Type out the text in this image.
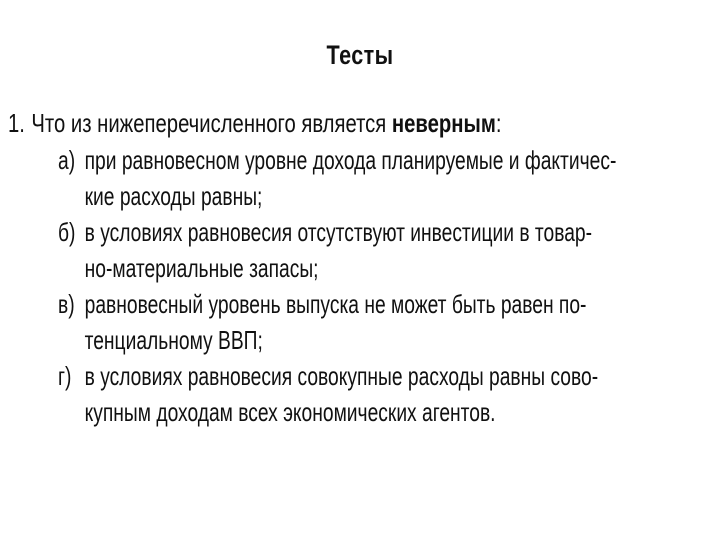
Тесты
1. Что из нижеперечисленного является неверным:
а) при равновесном уровне дохода планируемые и фактичес-
кие расходы равны;
б) в условиях равновесия отсутствуют инвестиции в товар-
но-материальные запасы;
в) равновесный уровень выпуска не может быть равен по-
тенциальному ВВП;
г) в условиях равновесия совокупные расходы равны сово-
купным доходам всех экономических агентов.
